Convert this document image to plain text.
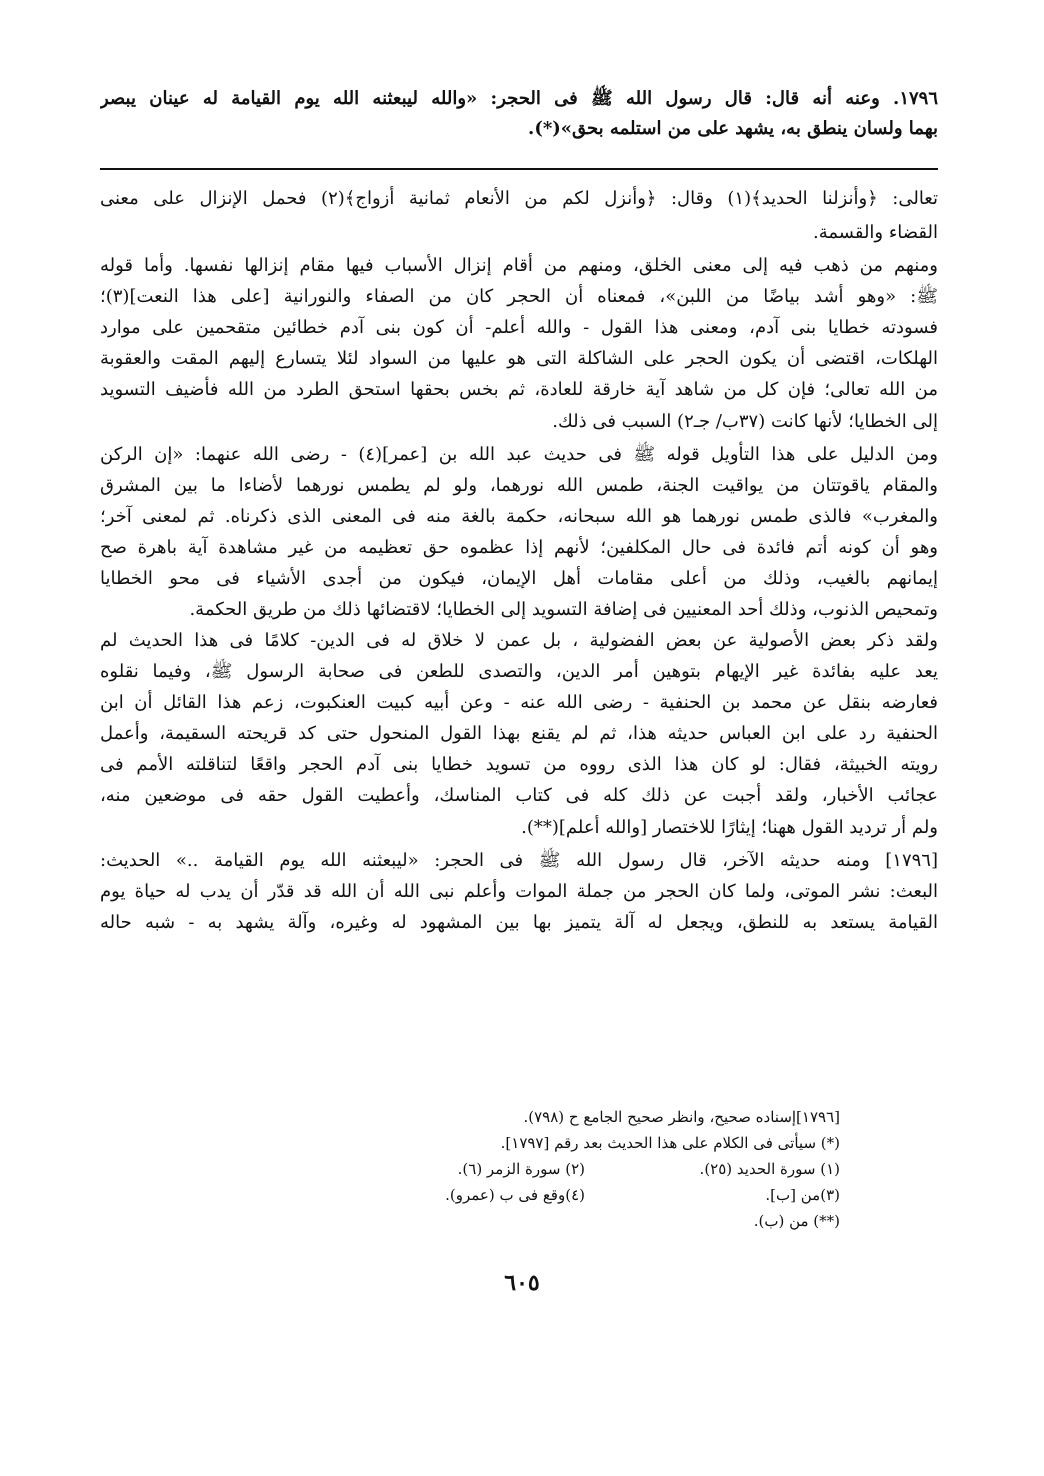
١٧٩٦. وعنه أنه قال: قال رسول الله ﷺ فى الحجر: «والله ليبعثنه الله يوم القيامة له عينان يبصر
بهما ولسان ينطق به، يشهد على من استلمه بحق»(*).
تعالى: ﴿وأنزلنا الحديد﴾(١) وقال: ﴿وأنزل لكم من الأنعام ثمانية أزواج﴾(٢) فحمل الإنزال على معنى
القضاء والقسمة.
ومنهم من ذهب فيه إلى معنى الخلق، ومنهم من أقام إنزال الأسباب فيها مقام إنزالها نفسها. وأما قوله
ﷺ: «وهو أشد بياضًا من اللبن»، فمعناه أن الحجر كان من الصفاء والنورانية [على هذا النعت](٣)؛
فسودته خطايا بنى آدم، ومعنى هذا القول - والله أعلم- أن كون بنى آدم خطائين متقحمين على موارد
الهلكات، اقتضى أن يكون الحجر على الشاكلة التى هو عليها من السواد لئلا يتسارع إليهم المقت والعقوبة
من الله تعالى؛ فإن كل من شاهد آية خارقة للعادة، ثم بخس بحقها استحق الطرد من الله فأضيف التسويد
إلى الخطايا؛ لأنها كانت (٣٧ب/ جـ٢) السبب فى ذلك.
ومن الدليل على هذا التأويل قوله ﷺ فى حديث عبد الله بن [عمر](٤) - رضى الله عنهما: «إن الركن
والمقام ياقوتتان من يواقيت الجنة، طمس الله نورهما، ولو لم يطمس نورهما لأضاءا ما بين المشرق
والمغرب» فالذى طمس نورهما هو الله سبحانه، حكمة بالغة منه فى المعنى الذى ذكرناه. ثم لمعنى آخر؛
وهو أن كونه أتم فائدة فى حال المكلفين؛ لأنهم إذا عظموه حق تعظيمه من غير مشاهدة آية باهرة صح
إيمانهم بالغيب، وذلك من أعلى مقامات أهل الإيمان، فيكون من أجدى الأشياء فى محو الخطايا
وتمحيص الذنوب، وذلك أحد المعنيين فى إضافة التسويد إلى الخطايا؛ لاقتضائها ذلك من طريق الحكمة.
ولقد ذكر بعض الأصولية عن بعض الفضولية ، بل عمن لا خلاق له فى الدين- كلامًا فى هذا الحديث لم
يعد عليه بفائدة غير الإيهام بتوهين أمر الدين، والتصدى للطعن فى صحابة الرسول ﷺ، وفيما نقلوه
فعارضه بنقل عن محمد بن الحنفية - رضى الله عنه - وعن أبيه كبيت العنكبوت، زعم هذا القائل أن ابن
الحنفية رد على ابن العباس حديثه هذا، ثم لم يقنع بهذا القول المنحول حتى كد قريحته السقيمة، وأعمل
رويته الخبيثة، فقال: لو كان هذا الذى رووه من تسويد خطايا بنى آدم الحجر واقعًا لتناقلته الأمم فى
عجائب الأخبار، ولقد أجبت عن ذلك كله فى كتاب المناسك، وأعطيت القول حقه فى موضعين منه،
ولم أر ترديد القول ههنا؛ إيثارًا للاختصار [والله أعلم](**).
[١٧٩٦] ومنه حديثه الآخر، قال رسول الله ﷺ فى الحجر: «ليبعثنه الله يوم القيامة ..» الحديث:
البعث: نشر الموتى، ولما كان الحجر من جملة الموات وأعلم نبى الله أن الله قد قدّر أن يدب له حياة يوم
القيامة يستعد به للنطق، ويجعل له آلة يتميز بها بين المشهود له وغيره، وآلة يشهد به - شبه حاله
[١٧٩٦]إسناده صحيح، وانظر صحيح الجامع ح (٧٩٨).
(*) سيأتى فى الكلام على هذا الحديث بعد رقم [١٧٩٧].
(١) سورة الحديد (٢٥).
(٢) سورة الزمر (٦).
(٣)من [ب].
(٤)وقع فى ب (عمرو).
(**) من (ب).
٦٠٥
